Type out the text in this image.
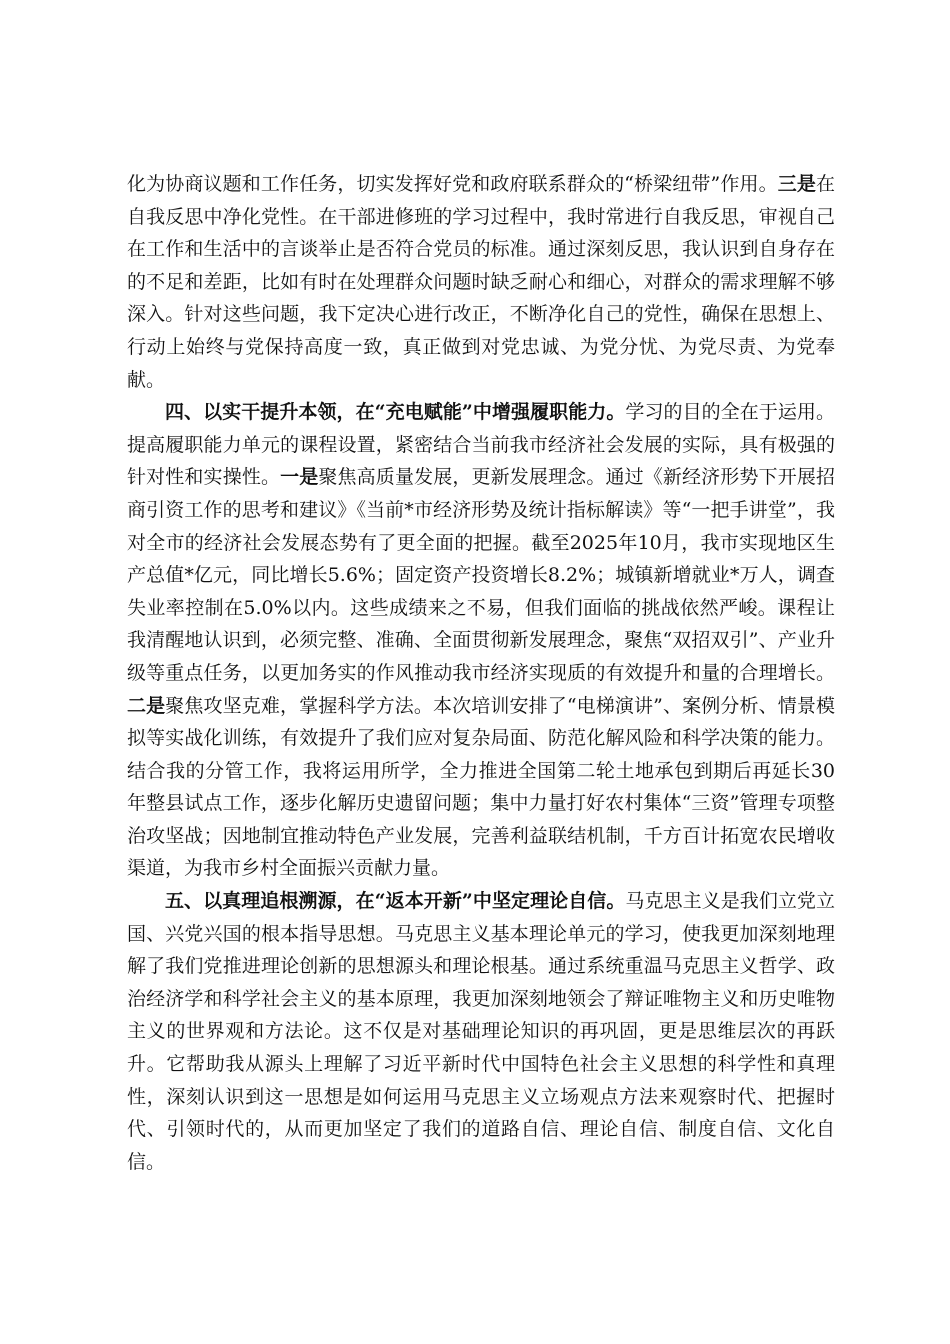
化为协商议题和工作任务，切实发挥好党和政府联系群众的“桥梁纽带”作用。三是在自我反思中净化党性。在干部进修班的学习过程中，我时常进行自我反思，审视自己在工作和生活中的言谈举止是否符合党员的标准。通过深刻反思，我认识到自身存在的不足和差距，比如有时在处理群众问题时缺乏耐心和细心，对群众的需求理解不够深入。针对这些问题，我下定决心进行改正，不断净化自己的党性，确保在思想上、行动上始终与党保持高度一致，真正做到对党忠诚、为党分忧、为党尽责、为党奉献。

四、以实干提升本领，在“充电赋能”中增强履职能力。学习的目的全在于运用。提高履职能力单元的课程设置，紧密结合当前我市经济社会发展的实际，具有极强的针对性和实操性。一是聚焦高质量发展，更新发展理念。通过《新经济形势下开展招商引资工作的思考和建议》《当前*市经济形势及统计指标解读》等“一把手讲堂”，我对全市的经济社会发展态势有了更全面的把握。截至2025年10月，我市实现地区生产总值*亿元，同比增长5.6%；固定资产投资增长8.2%；城镇新增就业*万人，调查失业率控制在5.0%以内。这些成绩来之不易，但我们面临的挑战依然严峻。课程让我清醒地认识到，必须完整、准确、全面贯彻新发展理念，聚焦“双招双引”、产业升级等重点任务，以更加务实的作风推动我市经济实现质的有效提升和量的合理增长。二是聚焦攻坚克难，掌握科学方法。本次培训安排了“电梯演讲”、案例分析、情景模拟等实战化训练，有效提升了我们应对复杂局面、防范化解风险和科学决策的能力。结合我的分管工作，我将运用所学，全力推进全国第二轮土地承包到期后再延长30年整县试点工作，逐步化解历史遗留问题；集中力量打好农村集体“三资”管理专项整治攻坚战；因地制宜推动特色产业发展，完善利益联结机制，千方百计拓宽农民增收渠道，为我市乡村全面振兴贡献力量。

五、以真理追根溯源，在“返本开新”中坚定理论自信。马克思主义是我们立党立国、兴党兴国的根本指导思想。马克思主义基本理论单元的学习，使我更加深刻地理解了我们党推进理论创新的思想源头和理论根基。通过系统重温马克思主义哲学、政治经济学和科学社会主义的基本原理，我更加深刻地领会了辩证唯物主义和历史唯物主义的世界观和方法论。这不仅是对基础理论知识的再巩固，更是思维层次的再跃升。它帮助我从源头上理解了习近平新时代中国特色社会主义思想的科学性和真理性，深刻认识到这一思想是如何运用马克思主义立场观点方法来观察时代、把握时代、引领时代的，从而更加坚定了我们的道路自信、理论自信、制度自信、文化自信。
